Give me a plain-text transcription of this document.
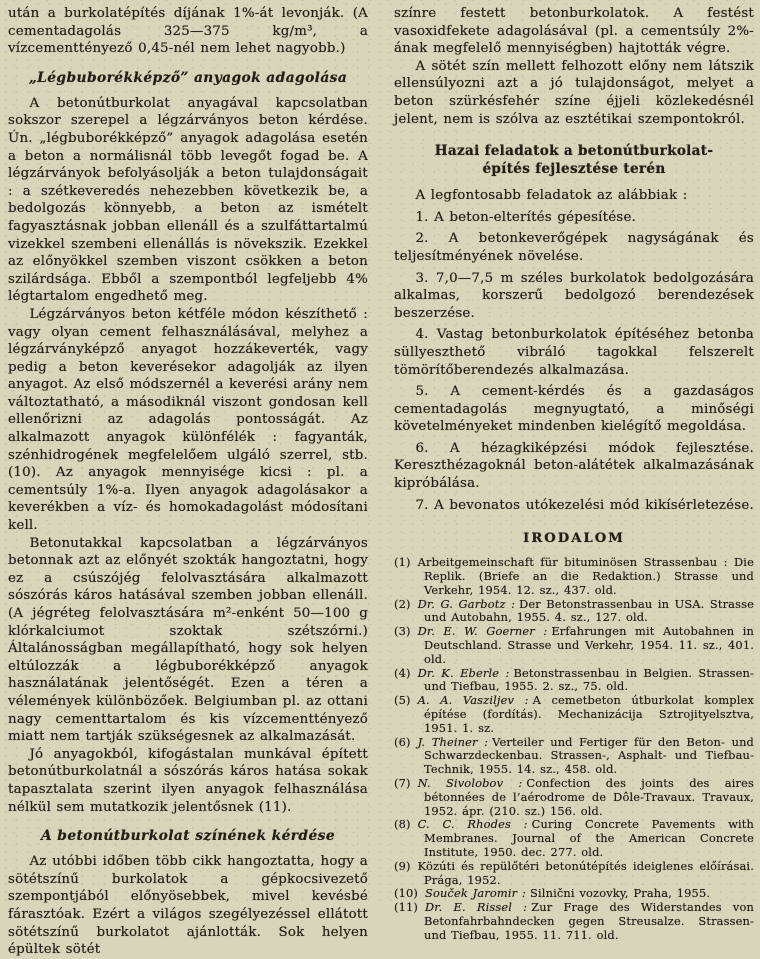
után a burkolatépítés díjának 1%-át levonják. (A cementadagolás 325—375 kg/m³, a vízcementtényező 0,45-nél nem lehet nagyobb.)

„Légbuborékképző” anyagok adagolása

A betonútburkolat anyagával kapcsolatban sokszor szerepel a légzárványos beton kérdése. Ún. „légbuborékképző” anyagok adagolása esetén a beton a normálisnál több levegőt fogad be. A légzárványok befolyásolják a beton tulajdonságait : a szétkeveredés nehezebben következik be, a bedolgozás könnyebb, a beton az ismételt fagyasztásnak jobban ellenáll és a szulfáttartalmú vizekkel szembeni ellenállás is növekszik. Ezekkel az előnyökkel szemben viszont csökken a beton szilárdsága. Ebből a szempontból legfeljebb 4% légtartalom engedhető meg.

Légzárványos beton kétféle módon készíthető : vagy olyan cement felhasználásával, melyhez a légzárványképző anyagot hozzákeverték, vagy pedig a beton keverésekor adagolják az ilyen anyagot. Az első módszernél a keverési arány nem változtatható, a másodiknál viszont gondosan kell ellenőrizni az adagolás pontosságát. Az alkalmazott anyagok különfélék : fagyanták, szénhidrogének megfelelőem ulgáló szerrel, stb. (10). Az anyagok mennyisége kicsi : pl. a cementsúly 1%-a. Ilyen anyagok adagolásakor a keverékben a víz- és homokadagolást módosítani kell.

Betonutakkal kapcsolatban a légzárványos betonnak azt az előnyét szokták hangoztatni, hogy ez a csúszójég felolvasztására alkalmazott sószórás káros hatásával szemben jobban ellenáll. (A jégréteg felolvasztására m²-enként 50—100 g klórkalciumot szoktak szétszórni.) Általánosságban megállapítható, hogy sok helyen eltúlozzák a légbuborékképző anyagok használatának jelentőségét. Ezen a téren a vélemények különbözőek. Belgiumban pl. az ottani nagy cementtartalom és kis vízcementtényező miatt nem tartják szükségesnek az alkalmazását.

Jó anyagokból, kifogástalan munkával épített betonútburkolatnál a sószórás káros hatása sokak tapasztalata szerint ilyen anyagok felhasználása nélkül sem mutatkozik jelentősnek (11).

A betonútburkolat színének kérdése

Az utóbbi időben több cikk hangoztatta, hogy a sötétszínű burkolatok a gépkocsivezető szempontjából előnyösebbek, mivel kevésbé fárasztóak. Ezért a világos szegélyezéssel ellátott sötétszínű burkolatot ajánlották. Sok helyen épültek sötét

színre festett betonburkolatok. A festést vasoxidfekete adagolásával (pl. a cementsúly 2%-ának megfelelő mennyiségben) hajtották végre.

A sötét szín mellett felhozott előny nem látszik ellensúlyozni azt a jó tulajdonságot, melyet a beton szürkésfehér színe éjjeli közlekedésnél jelent, nem is szólva az esztétikai szempontokról.

Hazai feladatok a betonútburkolat-építés fejlesztése terén

A legfontosabb feladatok az alábbiak :

1. A beton-elterítés gépesítése.

2. A betonkeverőgépek nagyságának és teljesítményének növelése.

3. 7,0—7,5 m széles burkolatok bedolgozására alkalmas, korszerű bedolgozó berendezések beszerzése.

4. Vastag betonburkolatok építéséhez betonba süllyeszthető vibráló tagokkal felszerelt tömörítőberendezés alkalmazása.

5. A cement-kérdés és a gazdaságos cementadagolás megnyugtató, a minőségi követelményeket mindenben kielégítő megoldása.

6. A hézagkiképzési módok fejlesztése. Kereszthézagoknál beton-alátétek alkalmazásának kipróbálása.

7. A bevonatos utókezelési mód kikísérletezése.

IRODALOM
(1) Arbeitgemeinschaft für bituminösen Strassenbau : Die Replik. (Briefe an die Redaktion.) Strasse und Verkehr, 1954. 12. sz., 437. old.
(2) Dr. G. Garbotz : Der Betonstrassenbau in USA. Strasse und Autobahn, 1955. 4. sz., 127. old.
(3) Dr. E. W. Goerner : Erfahrungen mit Autobahnen in Deutschland. Strasse und Verkehr, 1954. 11. sz., 401. old.
(4) Dr. K. Eberle : Betonstrassenbau in Belgien. Strassen- und Tiefbau, 1955. 2. sz., 75. old.
(5) A. A. Vasziljev : A cemetbeton útburkolat komplex építése (fordítás). Mechanizácija Sztrojityelsztva, 1951. 1. sz.
(6) J. Theiner : Verteiler und Fertiger für den Beton- und Schwarzdeckenbau. Strassen-, Asphalt- und Tiefbau-Technik, 1955. 14. sz., 458. old.
(7) N. Sivolobov : Confection des joints des aires bétonnées de l’aérodrome de Dôle-Travaux. Travaux, 1952. ápr. (210. sz.) 156. old.
(8) C. C. Rhodes : Curing Concrete Pavements with Membranes. Journal of the American Concrete Institute, 1950. dec. 277. old.
(9) Közúti és repülőtéri betonútépítés ideiglenes előírásai. Prága, 1952.
(10) Souček Jaromir : Silnični vozovky, Praha, 1955.
(11) Dr. E. Rissel : Zur Frage des Widerstandes von Betonfahrbahndecken gegen Streusalze. Strassen- und Tiefbau, 1955. 11. 711. old.
